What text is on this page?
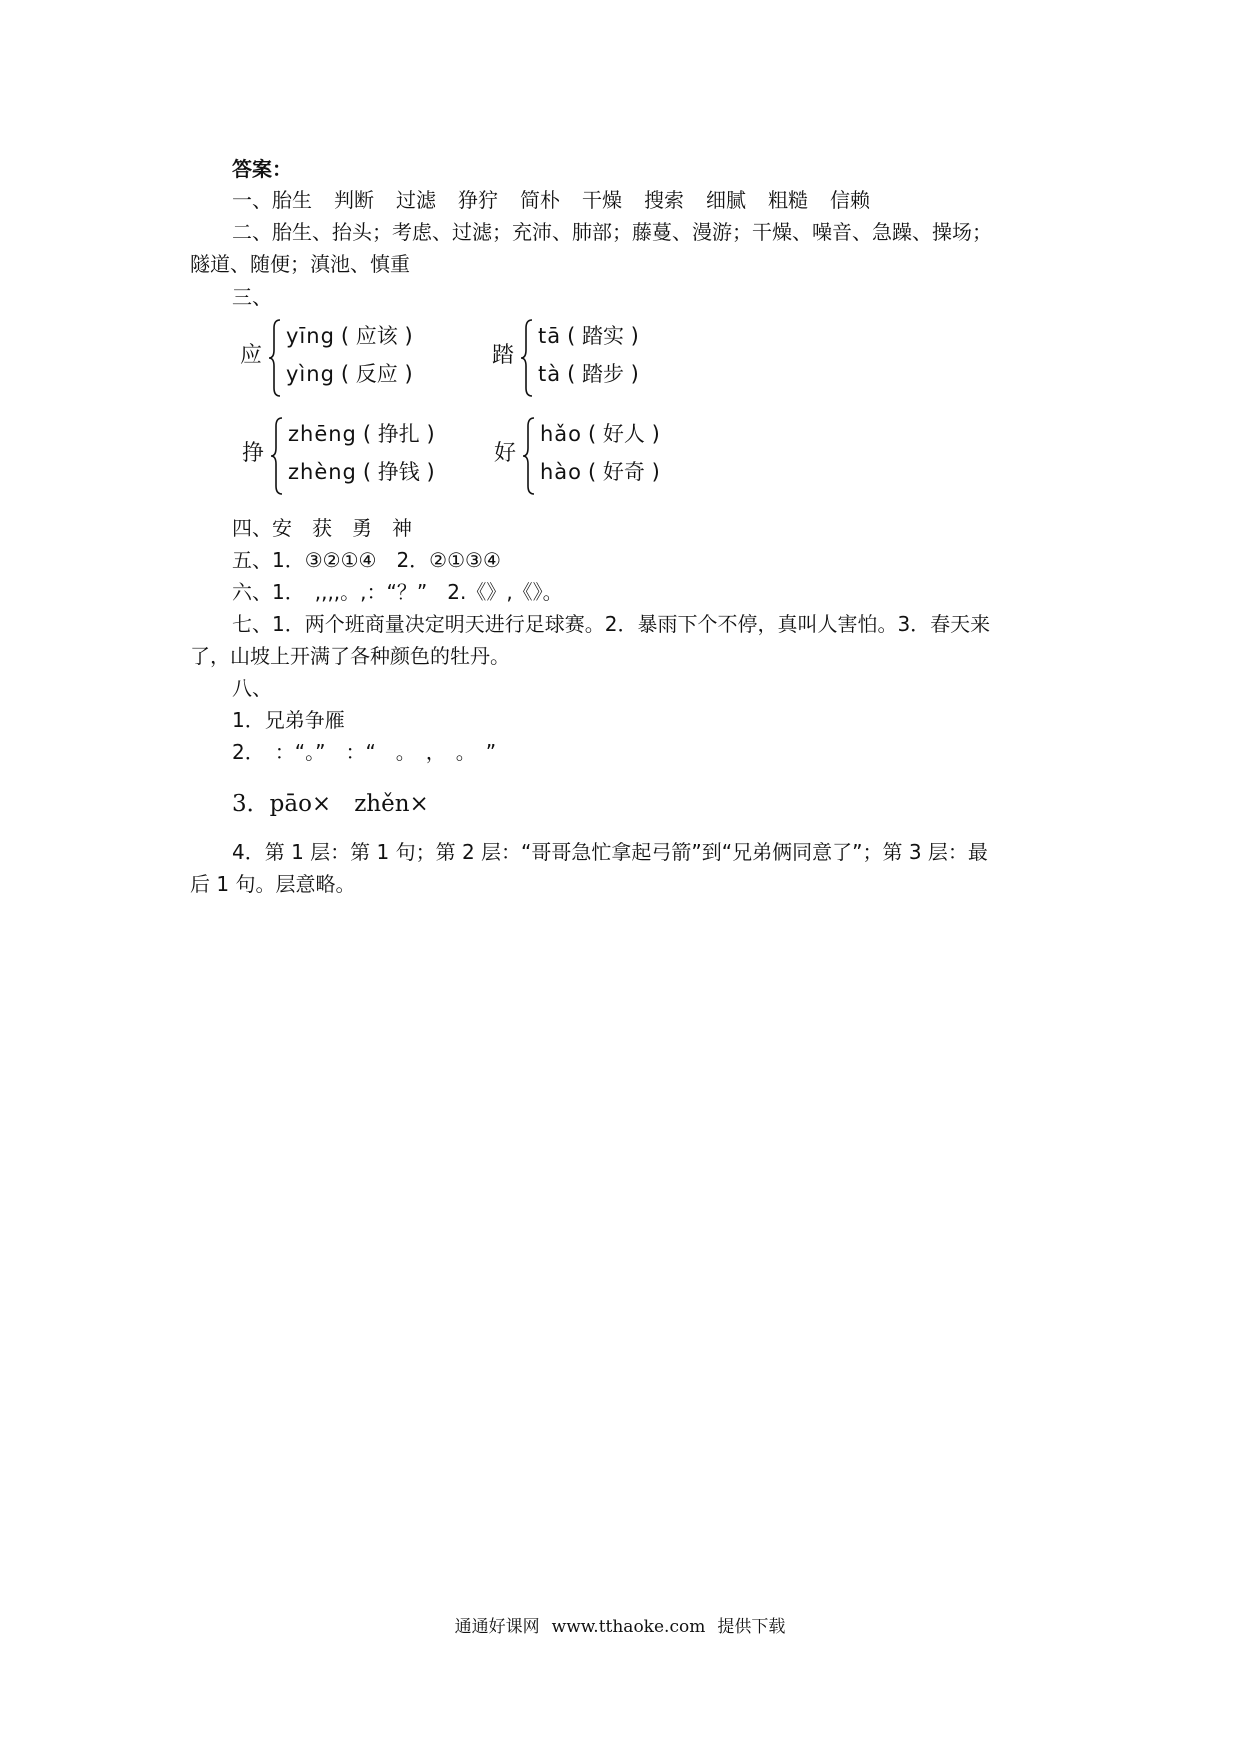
答案：
一、胎生 判断 过滤 狰狞 简朴 干燥 搜索 细腻 粗糙 信赖
二、胎生、抬头；考虑、过滤；充沛、肺部；藤蔓、漫游；干燥、噪音、急躁、操场；
隧道、随便；滇池、慎重
三、
应
yīng ( 应该 )
yìng ( 反应 )
踏
tā ( 踏实 )
tà ( 踏步 )
挣
zhēng ( 挣扎 )
zhèng ( 挣钱 )
好
hǎo ( 好人 )
hào ( 好奇 )
四、安　获　勇　神
五、1．③②①④　2．②①③④
六、1．　,,,,。,：“？”　2.《》,《》。
七、1．两个班商量决定明天进行足球赛。2．暴雨下个不停，真叫人害怕。3．春天来
了，山坡上开满了各种颜色的牡丹。
八、
1．兄弟争雁
2．　：“。”　：“　。　，　。　”
3．pāo×　zhěn×
4．第 1 层：第 1 句；第 2 层：“哥哥急忙拿起弓箭”到“兄弟俩同意了”；第 3 层：最
后 1 句。层意略。
通通好课网 www.tthaoke.com 提供下载
